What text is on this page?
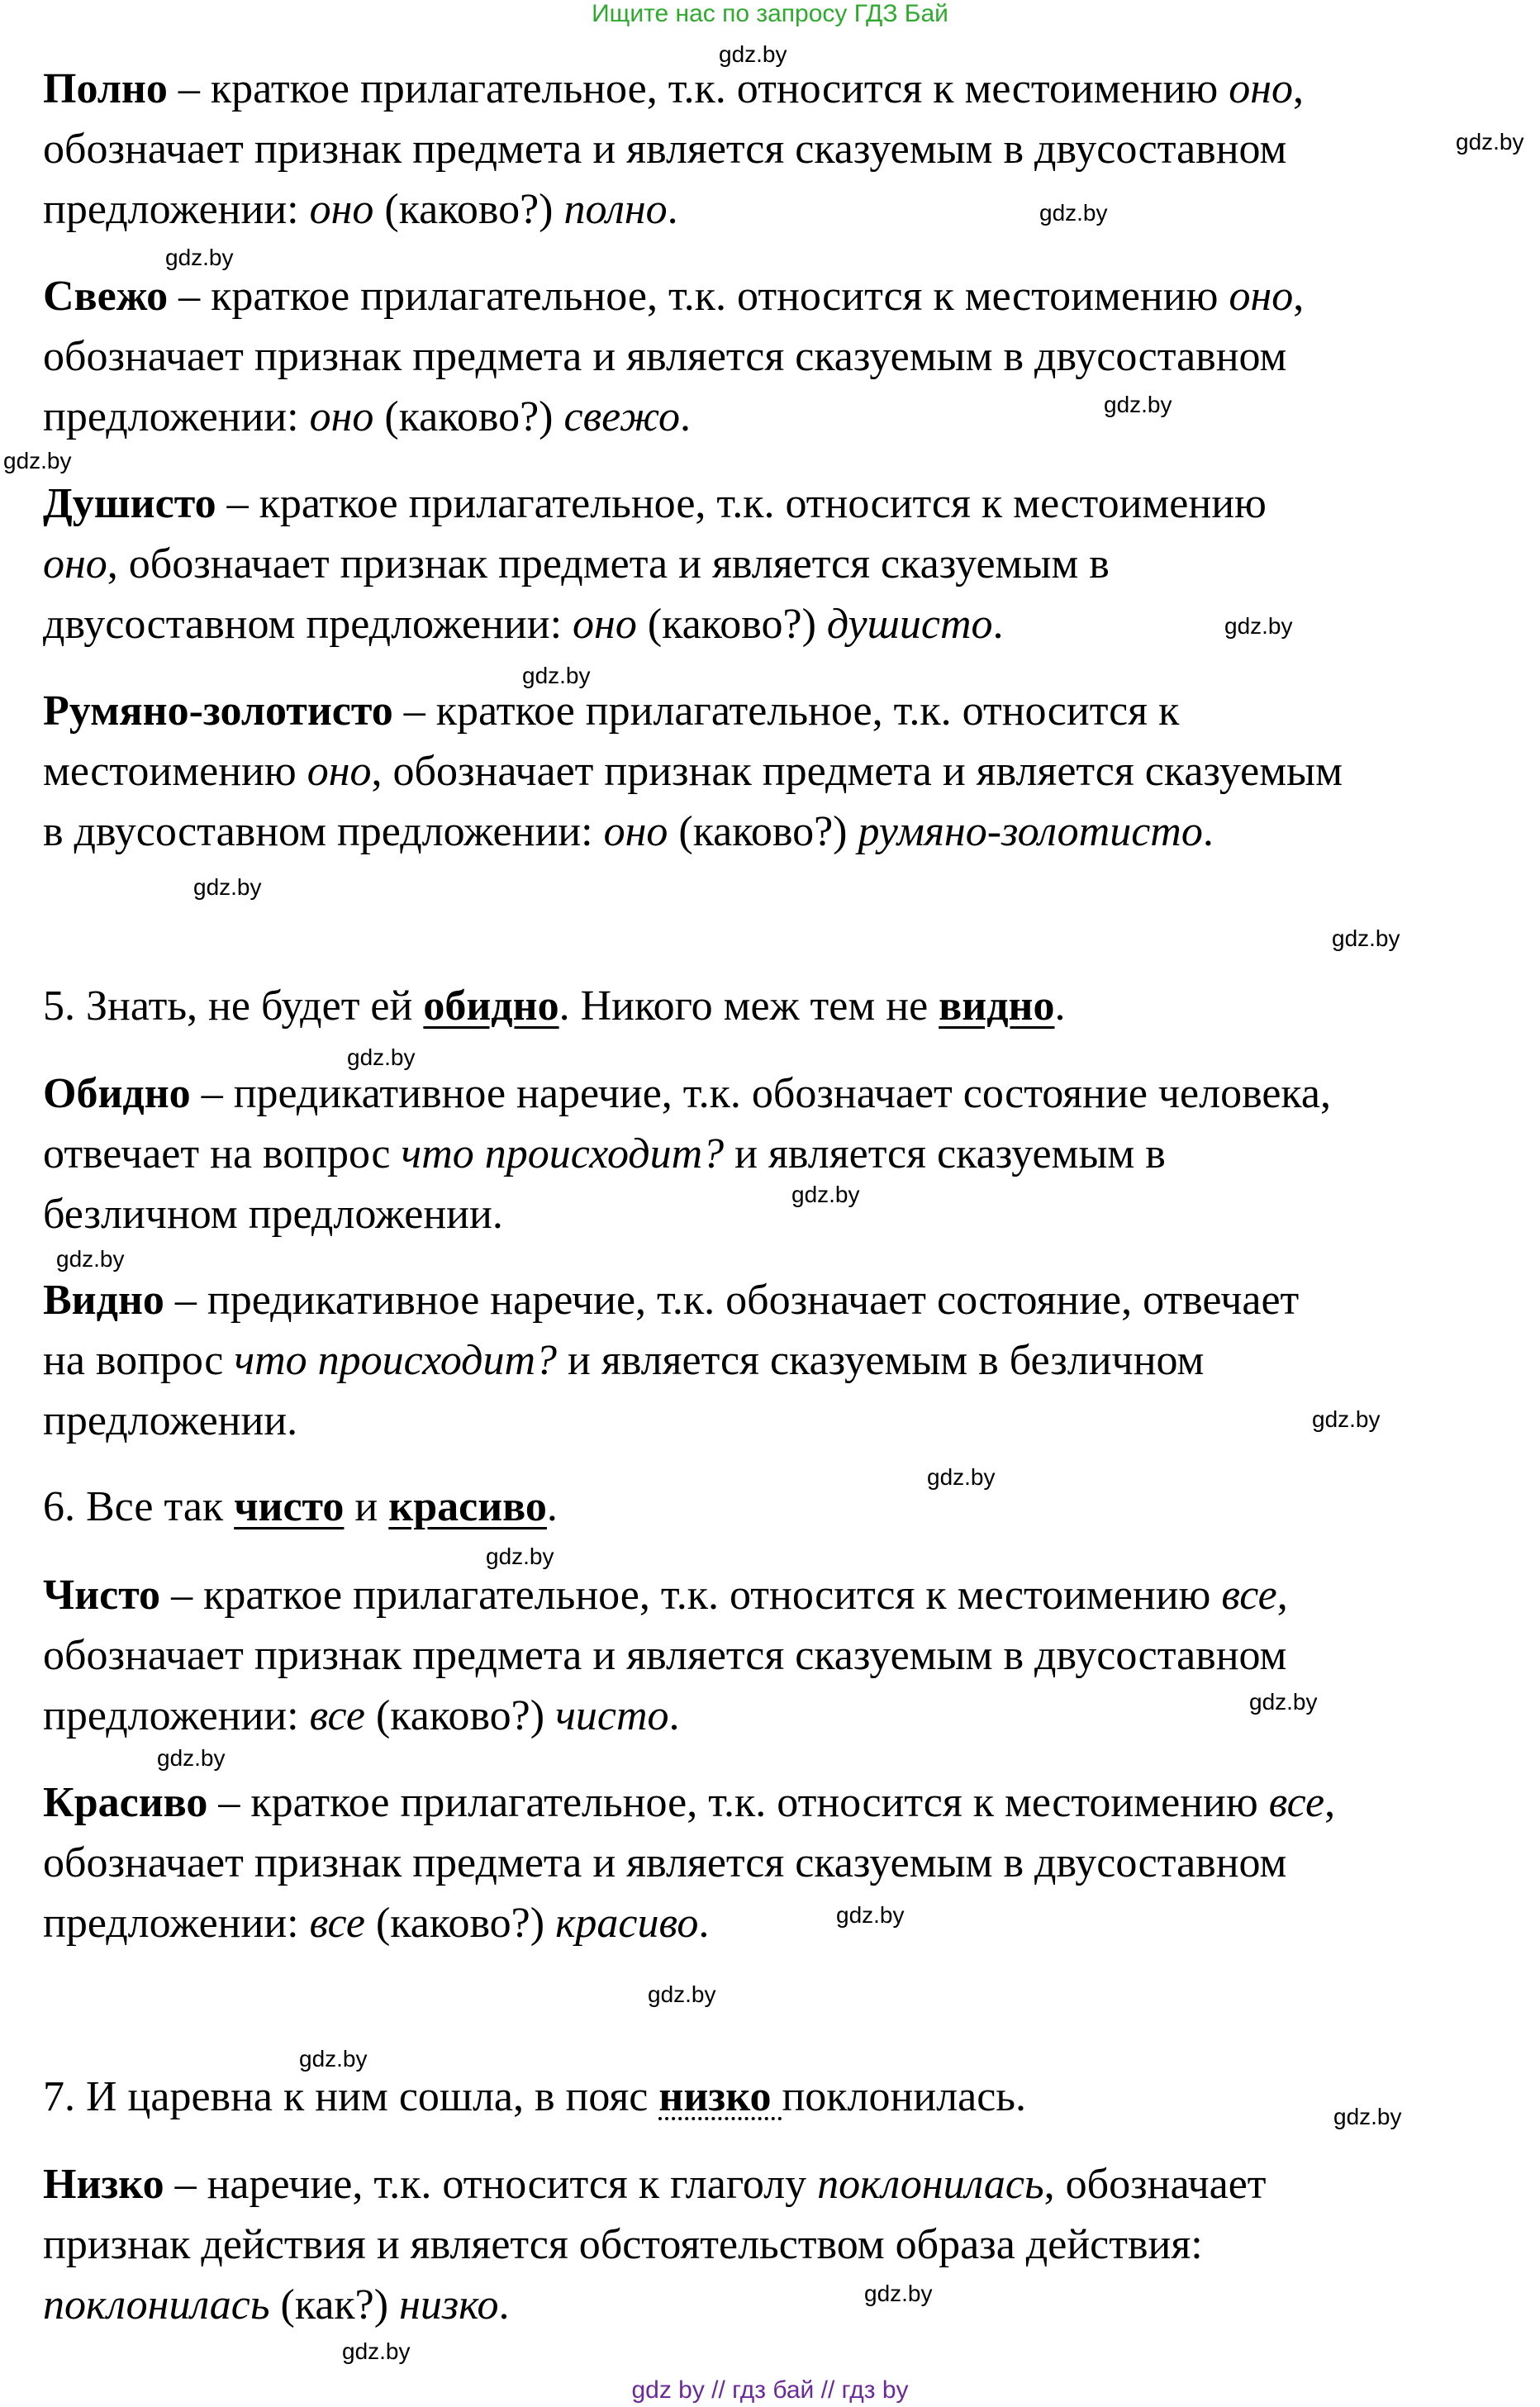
Ищите нас по запросу ГДЗ Бай
gdz.by
gdz.by
gdz.by
gdz.by
gdz.by
gdz.by
gdz.by
gdz.by
gdz.by
gdz.by
gdz.by
gdz.by
gdz.by
gdz.by
gdz.by
gdz.by
gdz.by
gdz.by
gdz.by
gdz.by
gdz.by
gdz.by
gdz.by
gdz.by
Полно – краткое прилагательное, т.к. относится к местоимению оно,
обозначает признак предмета и является сказуемым в двусоставном
предложении: оно (каково?) полно.
Свежо – краткое прилагательное, т.к. относится к местоимению оно,
обозначает признак предмета и является сказуемым в двусоставном
предложении: оно (каково?) свежо.
Душисто – краткое прилагательное, т.к. относится к местоимению
оно, обозначает признак предмета и является сказуемым в
двусоставном предложении: оно (каково?) душисто.
Румяно-золотисто – краткое прилагательное, т.к. относится к
местоимению оно, обозначает признак предмета и является сказуемым
в двусоставном предложении: оно (каково?) румяно-золотисто.
5. Знать, не будет ей обидно. Никого меж тем не видно.
Обидно – предикативное наречие, т.к. обозначает состояние человека,
отвечает на вопрос что происходит? и является сказуемым в
безличном предложении.
Видно – предикативное наречие, т.к. обозначает состояние, отвечает
на вопрос что происходит? и является сказуемым в безличном
предложении.
6. Все так чисто и красиво.
Чисто – краткое прилагательное, т.к. относится к местоимению все,
обозначает признак предмета и является сказуемым в двусоставном
предложении: все (каково?) чисто.
Красиво – краткое прилагательное, т.к. относится к местоимению все,
обозначает признак предмета и является сказуемым в двусоставном
предложении: все (каково?) красиво.
7. И царевна к ним сошла, в пояс низко поклонилась.
Низко – наречие, т.к. относится к глаголу поклонилась, обозначает
признак действия и является обстоятельством образа действия:
поклонилась (как?) низко.
gdz by // гдз бай // гдз by
